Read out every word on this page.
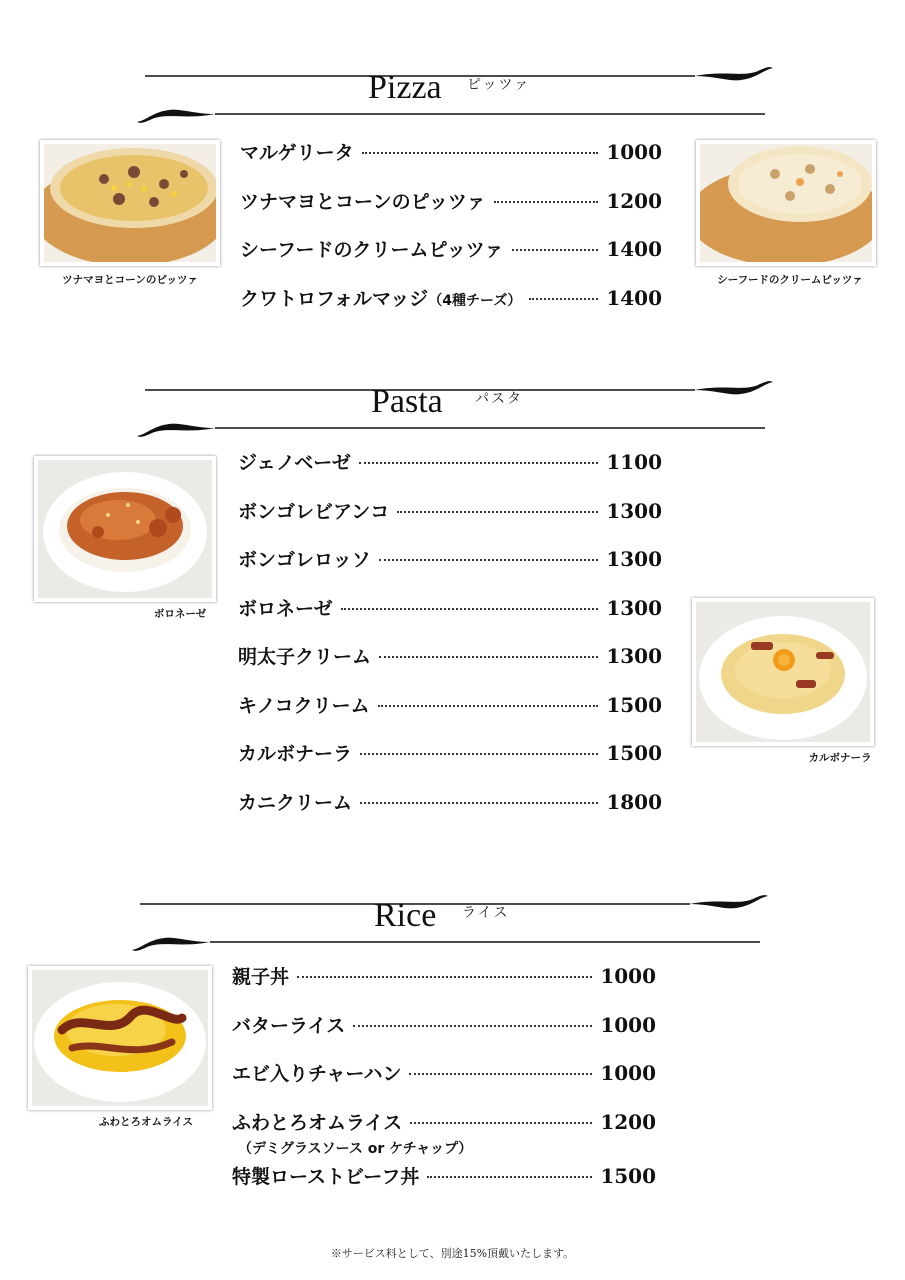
Pizza ピッツァ
ツナマヨとコーンのピッツァ	シーフードのクリームピッツァ
マルゲリータ	1000
ツナマヨとコーンのピッツァ	1200
シーフードのクリームピッツァ	1400
クワトロフォルマッジ（4種チーズ）	1400
Pasta パスタ
ボロネーゼ
カルボナーラ
ジェノベーゼ	1100
ボンゴレビアンコ	1300
ボンゴレロッソ	1300
ボロネーゼ	1300
明太子クリーム	1300
キノコクリーム	1500
カルボナーラ	1500
カニクリーム	1800
Rice ライス
ふわとろオムライス
親子丼	1000
バターライス	1000
エビ入りチャーハン	1000
ふわとろオムライス	1200
（デミグラスソース or ケチャップ）
特製ローストビーフ丼	1500
※サービス料として、別途15%頂戴いたします。
